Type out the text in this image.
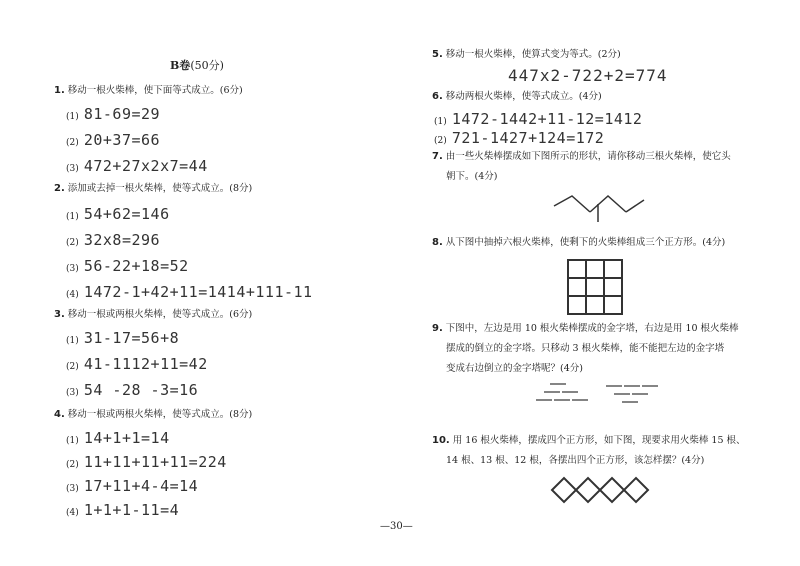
B卷(50分)
1. 移动一根火柴棒，使下面等式成立。(6分)
(1) 81-69=29
(2) 20+37=66
(3) 472+27x2x7=44
2. 添加或去掉一根火柴棒，使等式成立。(8分)
(1) 54+62=146
(2) 32x8=296
(3) 56-22+18=52
(4) 1472-1+42+11=1414+111-11
3. 移动一根或两根火柴棒，使等式成立。(6分)
(1) 31-17=56+8
(2) 41-1112+11=42
(3) 54 -28 -3=16
4. 移动一根或两根火柴棒，使等式成立。(8分)
(1) 14+1+1=14
(2) 11+11+11+11=224
(3) 17+11+4-4=14
(4) 1+1+1-11=4
5. 移动一根火柴棒，使算式变为等式。(2分)
447x2-722+2=774
6. 移动两根火柴棒，使等式成立。(4分)
(1) 1472-1442+11-12=1412
(2) 721-1427+124=172
7. 由一些火柴棒摆成如下图所示的形状，请你移动三根火柴棒，使它头
朝下。(4分)
8. 从下图中抽掉六根火柴棒，使剩下的火柴棒组成三个正方形。(4分)
9. 下图中，左边是用 10 根火柴棒摆成的金字塔，右边是用 10 根火柴棒
摆成的倒立的金字塔。只移动 3 根火柴棒，能不能把左边的金字塔
变成右边倒立的金字塔呢？(4分)
10. 用 16 根火柴棒，摆成四个正方形，如下图，现要求用火柴棒 15 根、
14 根、13 根、12 根，各摆出四个正方形，该怎样摆？(4分)
—30—
